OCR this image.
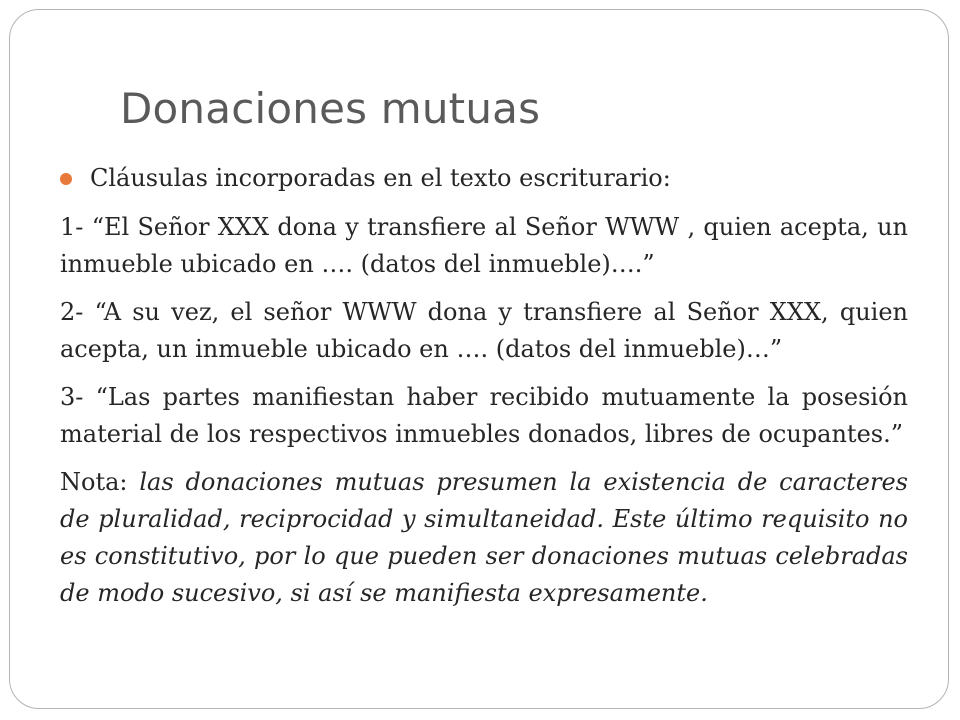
Donaciones mutuas
Cláusulas incorporadas en el texto escriturario:

1- “El Señor XXX dona y transfiere al Señor WWW , quien acepta, un inmueble ubicado en …. (datos del inmueble)….”

2- “A su vez, el señor WWW dona y transfiere al Señor XXX, quien acepta, un inmueble ubicado en …. (datos del inmueble)…”

3- “Las partes manifiestan haber recibido mutuamente la posesión material de los respectivos inmuebles donados, libres de ocupantes.”

Nota: las donaciones mutuas presumen la existencia de caracteres de pluralidad, reciprocidad y simultaneidad. Este último requisito no es constitutivo, por lo que pueden ser donaciones mutuas celebradas de modo sucesivo, si así se manifiesta expresamente.
